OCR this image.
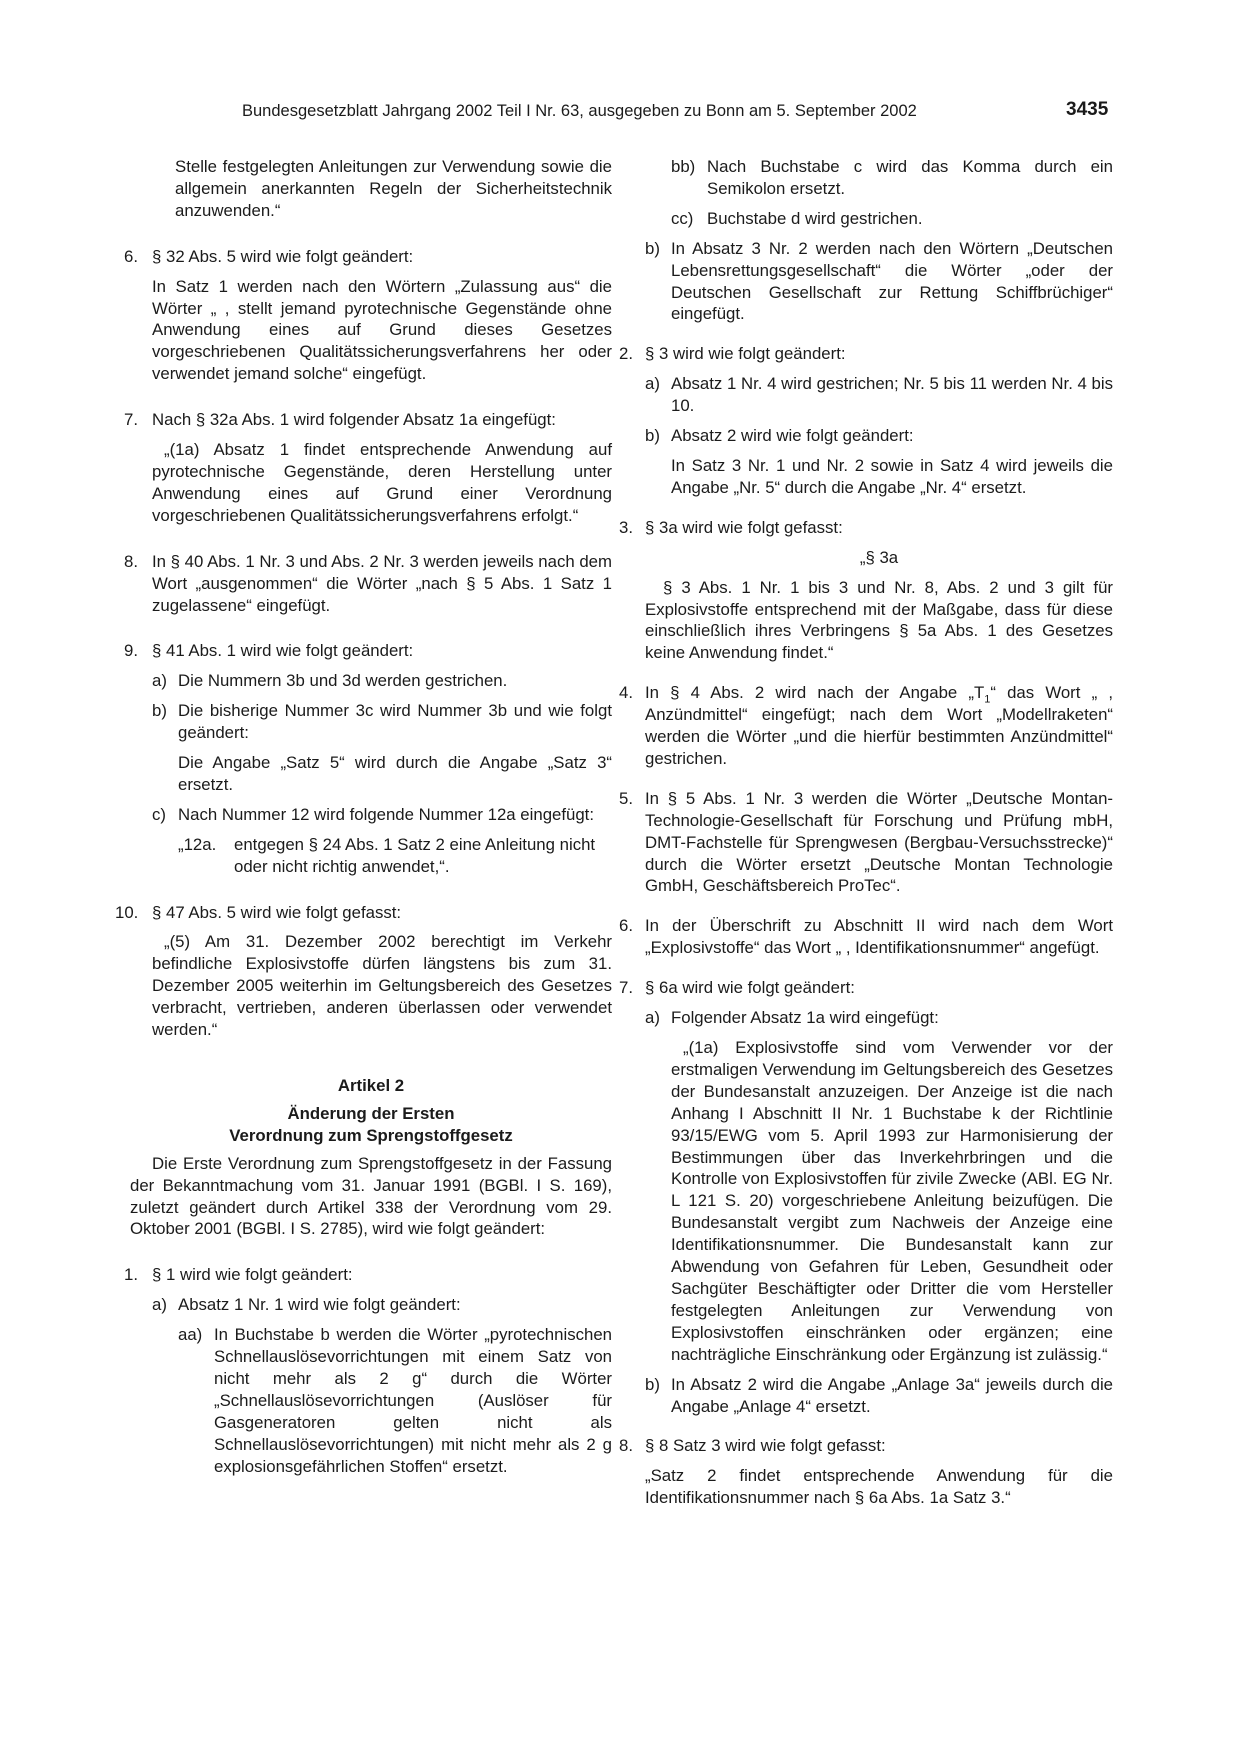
Bundesgesetzblatt Jahrgang 2002 Teil I Nr. 63, ausgegeben zu Bonn am 5. September 2002	3435

Stelle festgelegten Anleitungen zur Verwendung sowie die allgemein anerkannten Regeln der Sicherheitstechnik anzuwenden.“

6. § 32 Abs. 5 wird wie folgt geändert:

In Satz 1 werden nach den Wörtern „Zulassung aus“ die Wörter „ , stellt jemand pyrotechnische Gegenstände ohne Anwendung eines auf Grund dieses Gesetzes vorgeschriebenen Qualitätssicherungsverfahrens her oder verwendet jemand solche“ eingefügt.

7. Nach § 32a Abs. 1 wird folgender Absatz 1a eingefügt:

„(1a) Absatz 1 findet entsprechende Anwendung auf pyrotechnische Gegenstände, deren Herstellung unter Anwendung eines auf Grund einer Verordnung vorgeschriebenen Qualitätssicherungsverfahrens erfolgt.“

8. In § 40 Abs. 1 Nr. 3 und Abs. 2 Nr. 3 werden jeweils nach dem Wort „ausgenommen“ die Wörter „nach § 5 Abs. 1 Satz 1 zugelassene“ eingefügt.

9. § 41 Abs. 1 wird wie folgt geändert:

a) Die Nummern 3b und 3d werden gestrichen.

b) Die bisherige Nummer 3c wird Nummer 3b und wie folgt geändert:

Die Angabe „Satz 5“ wird durch die Angabe „Satz 3“ ersetzt.

c) Nach Nummer 12 wird folgende Nummer 12a eingefügt:

„12a. entgegen § 24 Abs. 1 Satz 2 eine Anleitung nicht oder nicht richtig anwendet,“.

10. § 47 Abs. 5 wird wie folgt gefasst:

„(5) Am 31. Dezember 2002 berechtigt im Verkehr befindliche Explosivstoffe dürfen längstens bis zum 31. Dezember 2005 weiterhin im Geltungsbereich des Gesetzes verbracht, vertrieben, anderen überlassen oder verwendet werden.“

Artikel 2

Änderung der Ersten

Verordnung zum Sprengstoffgesetz

Die Erste Verordnung zum Sprengstoffgesetz in der Fassung der Bekanntmachung vom 31. Januar 1991 (BGBl. I S. 169), zuletzt geändert durch Artikel 338 der Verordnung vom 29. Oktober 2001 (BGBl. I S. 2785), wird wie folgt geändert:

1. § 1 wird wie folgt geändert:

a) Absatz 1 Nr. 1 wird wie folgt geändert:

aa) In Buchstabe b werden die Wörter „pyrotechnischen Schnellauslösevorrichtungen mit einem Satz von nicht mehr als 2 g“ durch die Wörter „Schnellauslösevorrichtungen (Auslöser für Gasgeneratoren gelten nicht als Schnellauslösevorrichtungen) mit nicht mehr als 2 g explosionsgefährlichen Stoffen“ ersetzt.

bb) Nach Buchstabe c wird das Komma durch ein Semikolon ersetzt.

cc) Buchstabe d wird gestrichen.

b) In Absatz 3 Nr. 2 werden nach den Wörtern „Deutschen Lebensrettungsgesellschaft“ die Wörter „oder der Deutschen Gesellschaft zur Rettung Schiffbrüchiger“ eingefügt.

2. § 3 wird wie folgt geändert:

a) Absatz 1 Nr. 4 wird gestrichen; Nr. 5 bis 11 werden Nr. 4 bis 10.

b) Absatz 2 wird wie folgt geändert:

In Satz 3 Nr. 1 und Nr. 2 sowie in Satz 4 wird jeweils die Angabe „Nr. 5“ durch die Angabe „Nr. 4“ ersetzt.

3. § 3a wird wie folgt gefasst:

„§ 3a

§ 3 Abs. 1 Nr. 1 bis 3 und Nr. 8, Abs. 2 und 3 gilt für Explosivstoffe entsprechend mit der Maßgabe, dass für diese einschließlich ihres Verbringens § 5a Abs. 1 des Gesetzes keine Anwendung findet.“

4. In § 4 Abs. 2 wird nach der Angabe $„T_1“$ das Wort „ , Anzündmittel“ eingefügt; nach dem Wort „Modellraketen“ werden die Wörter „und die hierfür bestimmten Anzündmittel“ gestrichen.

5. In § 5 Abs. 1 Nr. 3 werden die Wörter „Deutsche Montan-Technologie-Gesellschaft für Forschung und Prüfung mbH, DMT-Fachstelle für Sprengwesen (Bergbau-Versuchsstrecke)“ durch die Wörter ersetzt „Deutsche Montan Technologie GmbH, Geschäftsbereich ProTec“.

6. In der Überschrift zu Abschnitt II wird nach dem Wort „Explosivstoffe“ das Wort „ , Identifikationsnummer“ angefügt.

7. § 6a wird wie folgt geändert:

a) Folgender Absatz 1a wird eingefügt:

„(1a) Explosivstoffe sind vom Verwender vor der erstmaligen Verwendung im Geltungsbereich des Gesetzes der Bundesanstalt anzuzeigen. Der Anzeige ist die nach Anhang I Abschnitt II Nr. 1 Buchstabe k der Richtlinie 93/15/EWG vom 5. April 1993 zur Harmonisierung der Bestimmungen über das Inverkehrbringen und die Kontrolle von Explosivstoffen für zivile Zwecke (ABl. EG Nr. L 121 S. 20) vorgeschriebene Anleitung beizufügen. Die Bundesanstalt vergibt zum Nachweis der Anzeige eine Identifikationsnummer. Die Bundesanstalt kann zur Abwendung von Gefahren für Leben, Gesundheit oder Sachgüter Beschäftigter oder Dritter die vom Hersteller festgelegten Anleitungen zur Verwendung von Explosivstoffen einschränken oder ergänzen; eine nachträgliche Einschränkung oder Ergänzung ist zulässig.“

b) In Absatz 2 wird die Angabe „Anlage 3a“ jeweils durch die Angabe „Anlage 4“ ersetzt.

8. § 8 Satz 3 wird wie folgt gefasst:

„Satz 2 findet entsprechende Anwendung für die Identifikationsnummer nach § 6a Abs. 1a Satz 3.“
